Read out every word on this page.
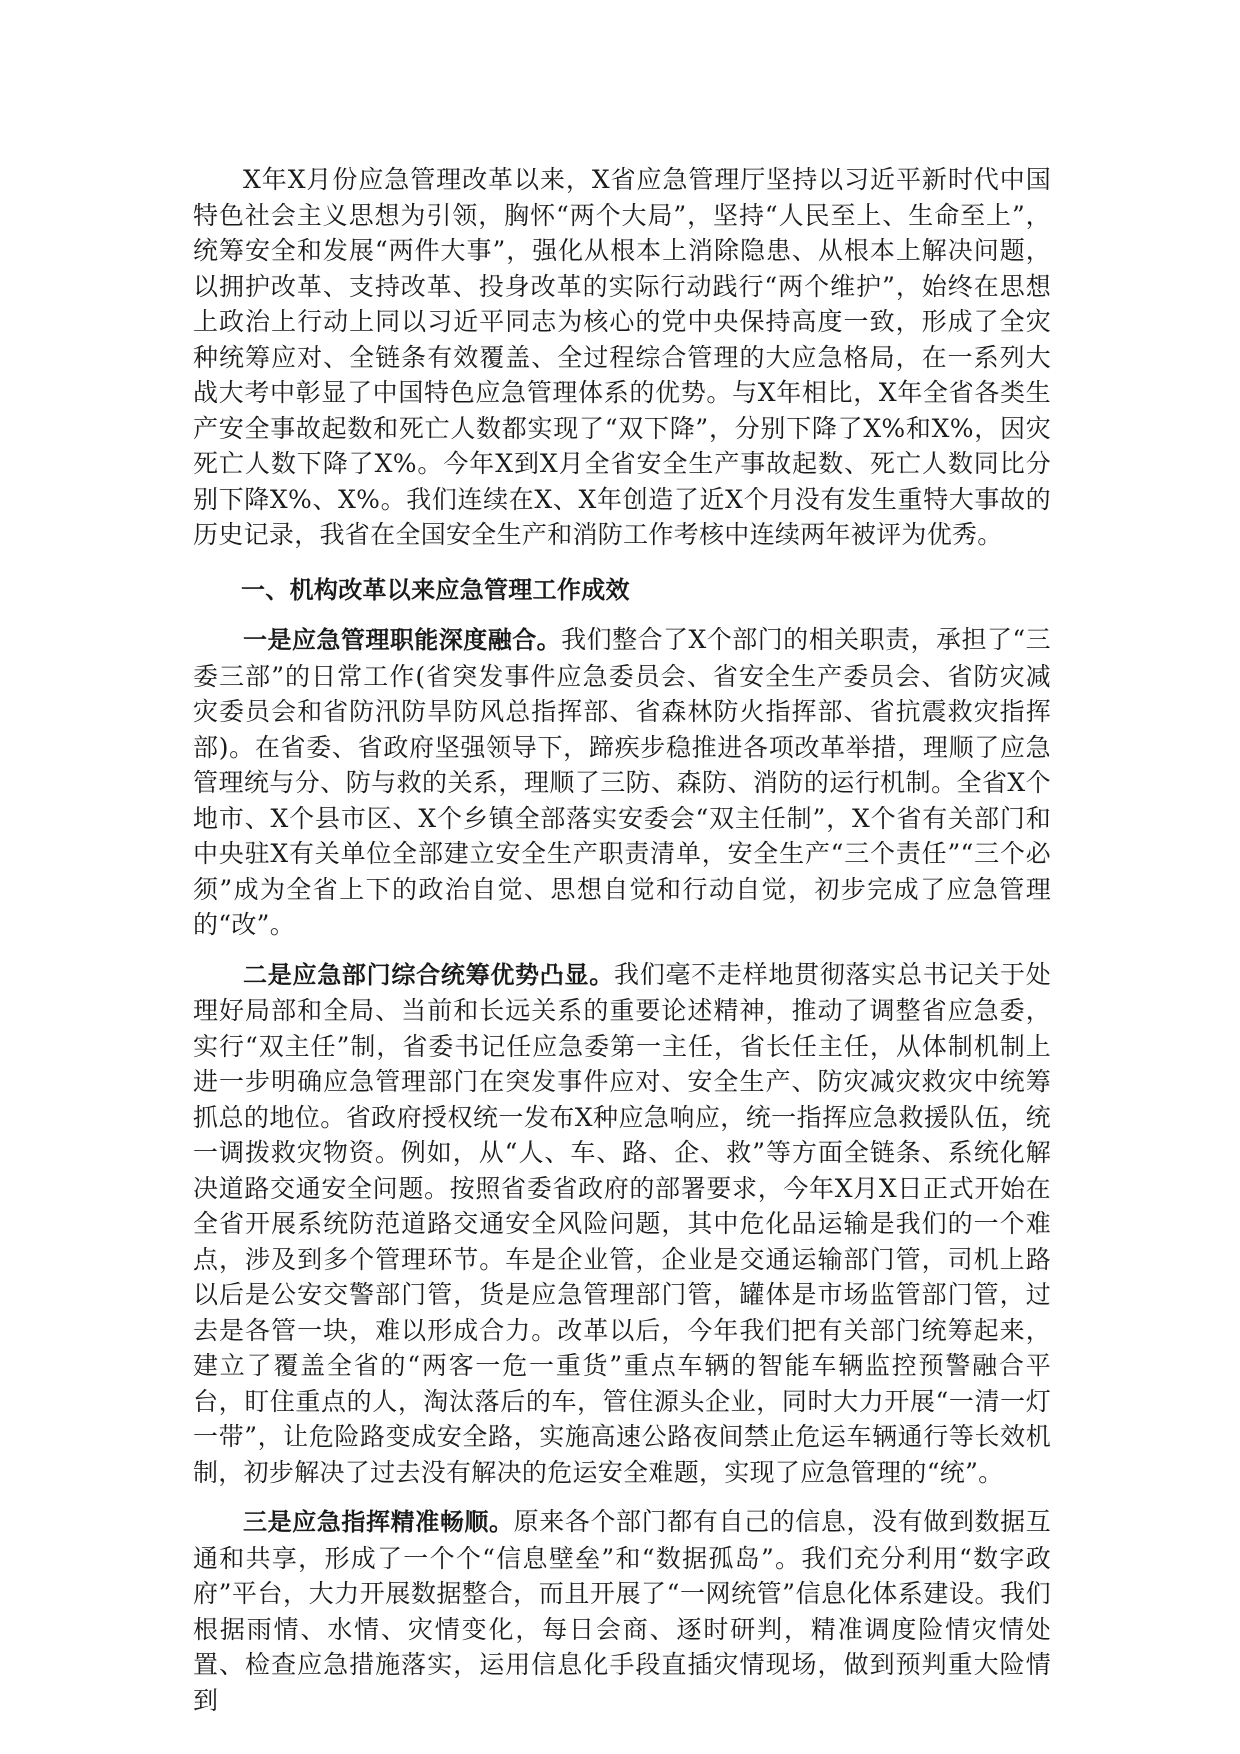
X年X月份应急管理改革以来，X省应急管理厅坚持以习近平新时代中国特色社会主义思想为引领，胸怀“两个大局”，坚持“人民至上、生命至上”，统筹安全和发展“两件大事”，强化从根本上消除隐患、从根本上解决问题，以拥护改革、支持改革、投身改革的实际行动践行“两个维护”，始终在思想上政治上行动上同以习近平同志为核心的党中央保持高度一致，形成了全灾种统筹应对、全链条有效覆盖、全过程综合管理的大应急格局，在一系列大战大考中彰显了中国特色应急管理体系的优势。与X年相比，X年全省各类生产安全事故起数和死亡人数都实现了“双下降”，分别下降了X%和X%，因灾死亡人数下降了X%。今年X到X月全省安全生产事故起数、死亡人数同比分别下降X%、X%。我们连续在X、X年创造了近X个月没有发生重特大事故的历史记录，我省在全国安全生产和消防工作考核中连续两年被评为优秀。

一、机构改革以来应急管理工作成效

一是应急管理职能深度融合。我们整合了X个部门的相关职责，承担了“三委三部”的日常工作(省突发事件应急委员会、省安全生产委员会、省防灾减灾委员会和省防汛防旱防风总指挥部、省森林防火指挥部、省抗震救灾指挥部)。在省委、省政府坚强领导下，蹄疾步稳推进各项改革举措，理顺了应急管理统与分、防与救的关系，理顺了三防、森防、消防的运行机制。全省X个地市、X个县市区、X个乡镇全部落实安委会“双主任制”，X个省有关部门和中央驻X有关单位全部建立安全生产职责清单，安全生产“三个责任”“三个必须”成为全省上下的政治自觉、思想自觉和行动自觉，初步完成了应急管理的“改”。

二是应急部门综合统筹优势凸显。我们毫不走样地贯彻落实总书记关于处理好局部和全局、当前和长远关系的重要论述精神，推动了调整省应急委，实行“双主任”制，省委书记任应急委第一主任，省长任主任，从体制机制上进一步明确应急管理部门在突发事件应对、安全生产、防灾减灾救灾中统筹抓总的地位。省政府授权统一发布X种应急响应，统一指挥应急救援队伍，统一调拨救灾物资。例如，从“人、车、路、企、救”等方面全链条、系统化解决道路交通安全问题。按照省委省政府的部署要求，今年X月X日正式开始在全省开展系统防范道路交通安全风险问题，其中危化品运输是我们的一个难点，涉及到多个管理环节。车是企业管，企业是交通运输部门管，司机上路以后是公安交警部门管，货是应急管理部门管，罐体是市场监管部门管，过去是各管一块，难以形成合力。改革以后，今年我们把有关部门统筹起来，建立了覆盖全省的“两客一危一重货”重点车辆的智能车辆监控预警融合平台，盯住重点的人，淘汰落后的车，管住源头企业，同时大力开展“一清一灯一带”，让危险路变成安全路，实施高速公路夜间禁止危运车辆通行等长效机制，初步解决了过去没有解决的危运安全难题，实现了应急管理的“统”。

三是应急指挥精准畅顺。原来各个部门都有自己的信息，没有做到数据互通和共享，形成了一个个“信息壁垒”和“数据孤岛”。我们充分利用“数字政府”平台，大力开展数据整合，而且开展了“一网统管”信息化体系建设。我们根据雨情、水情、灾情变化，每日会商、逐时研判，精准调度险情灾情处置、检查应急措施落实，运用信息化手段直插灾情现场，做到预判重大险情到
